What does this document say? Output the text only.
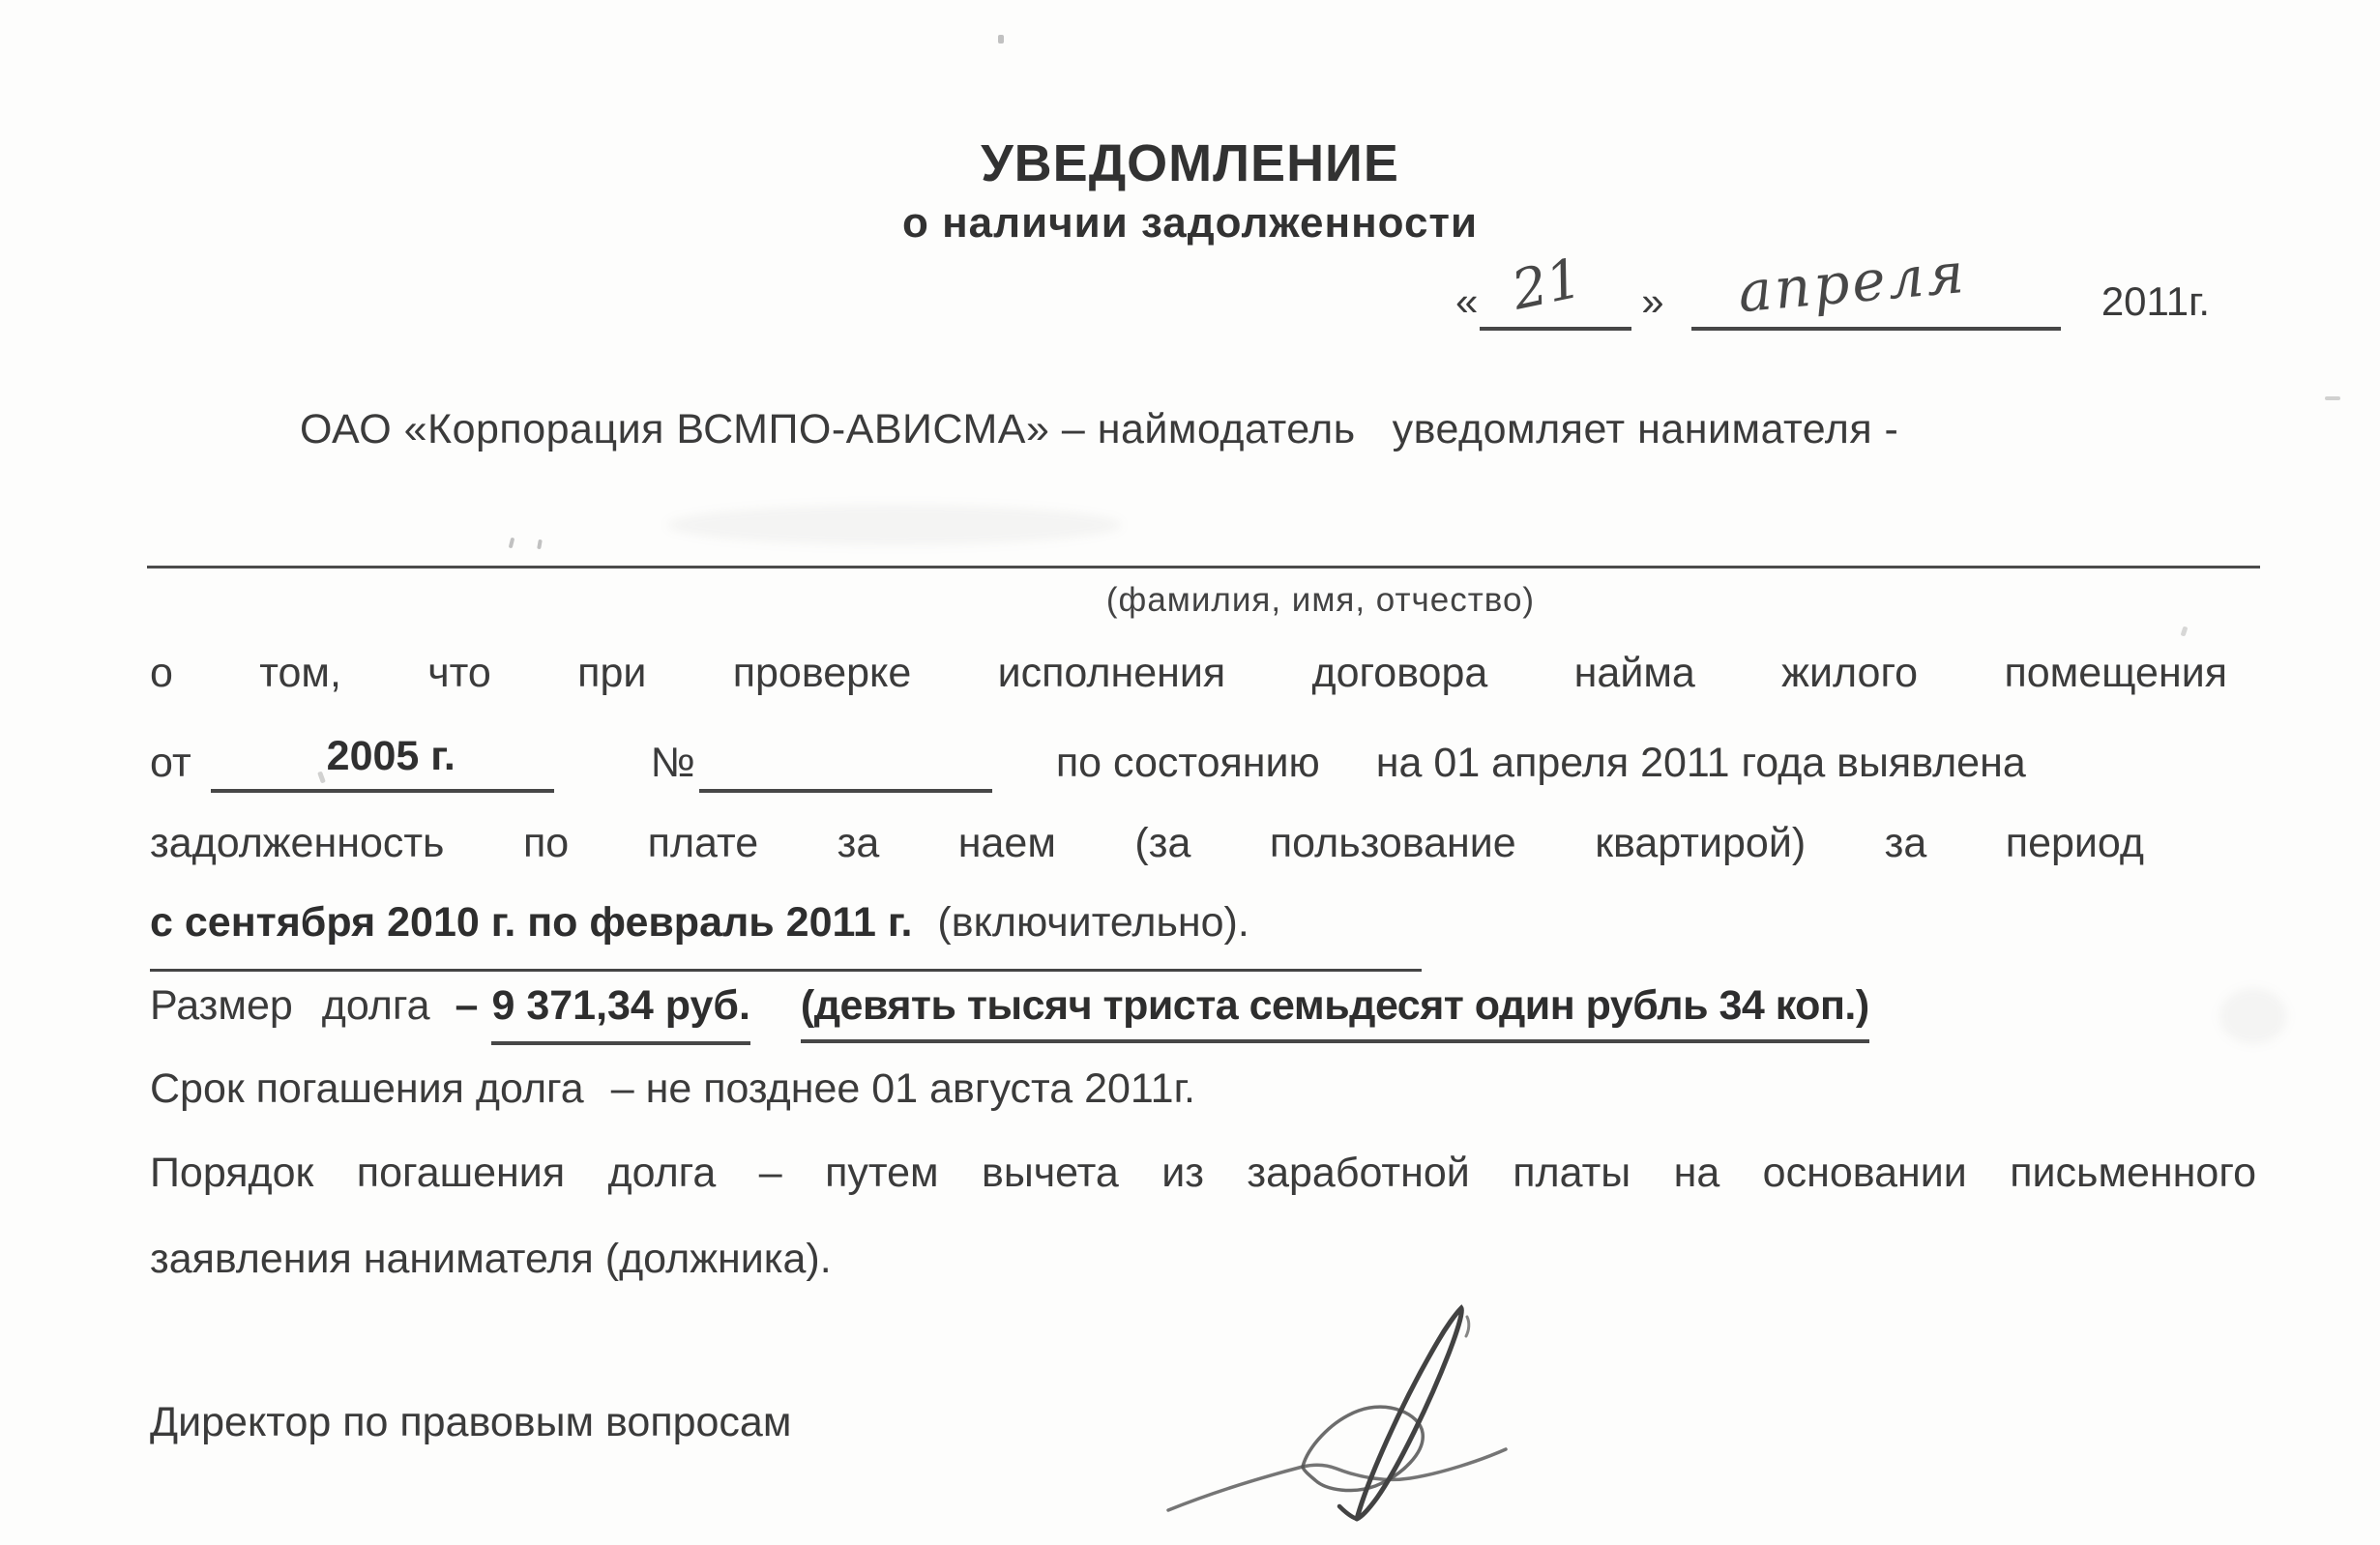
УВЕДОМЛЕНИЕ
о наличии задолженности
« 21 » апреля	2011г.
ОАО «Корпорация ВСМПО-АВИСМА» – наймодатель уведомляет нанимателя -
(фамилия, имя, отчество)
о том, что при проверке исполнения договора найма жилого помещения
от	2005 г.	№	по состоянию на 01 апреля 2011 года выявлена
задолженность по плате за наем (за пользование квартирой) за период
с сентября 2010 г. по февраль 2011 г. (включительно).
Размер долга – 9 371,34 руб. (девять тысяч триста семьдесят один рубль 34 коп.)
Срок погашения долга – не позднее 01 августа 2011г.
Порядок погашения долга – путем вычета из заработной платы на основании письменного
заявления нанимателя (должника).
Директор по правовым вопросам
